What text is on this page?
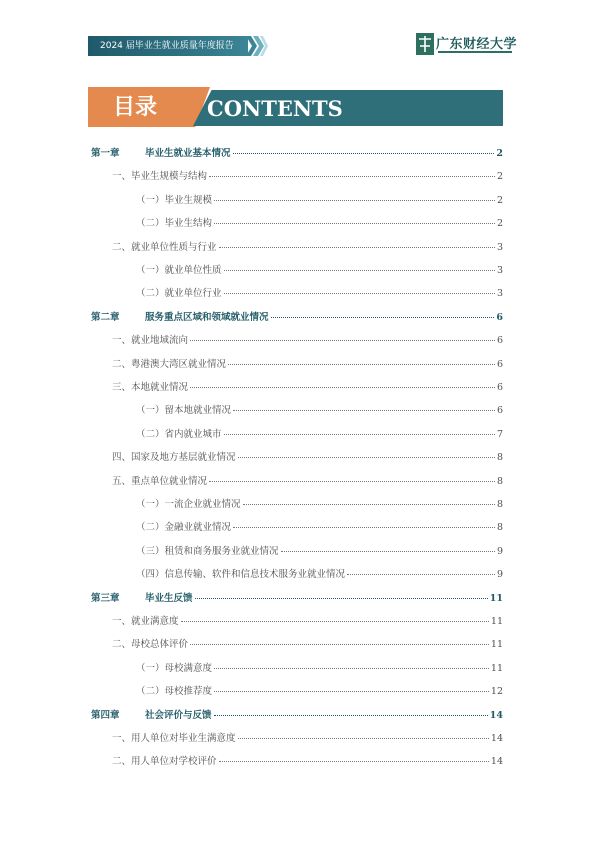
2024 届毕业生就业质量年度报告	广东财经大学
目录 CONTENTS
第一章	毕业生就业基本情况	2
一、毕业生规模与结构	2
（一）毕业生规模	2
（二）毕业生结构	2
二、就业单位性质与行业	3
（一）就业单位性质	3
（二）就业单位行业	3
第二章	服务重点区域和领域就业情况	6
一、就业地域流向	6
二、粤港澳大湾区就业情况	6
三、本地就业情况	6
（一）留本地就业情况	6
（二）省内就业城市	7
四、国家及地方基层就业情况	8
五、重点单位就业情况	8
（一）一流企业就业情况	8
（二）金融业就业情况	8
（三）租赁和商务服务业就业情况	9
（四）信息传输、软件和信息技术服务业就业情况	9
第三章	毕业生反馈	11
一、就业满意度	11
二、母校总体评价	11
（一）母校满意度	11
（二）母校推荐度	12
第四章	社会评价与反馈	14
一、用人单位对毕业生满意度	14
二、用人单位对学校评价	14
